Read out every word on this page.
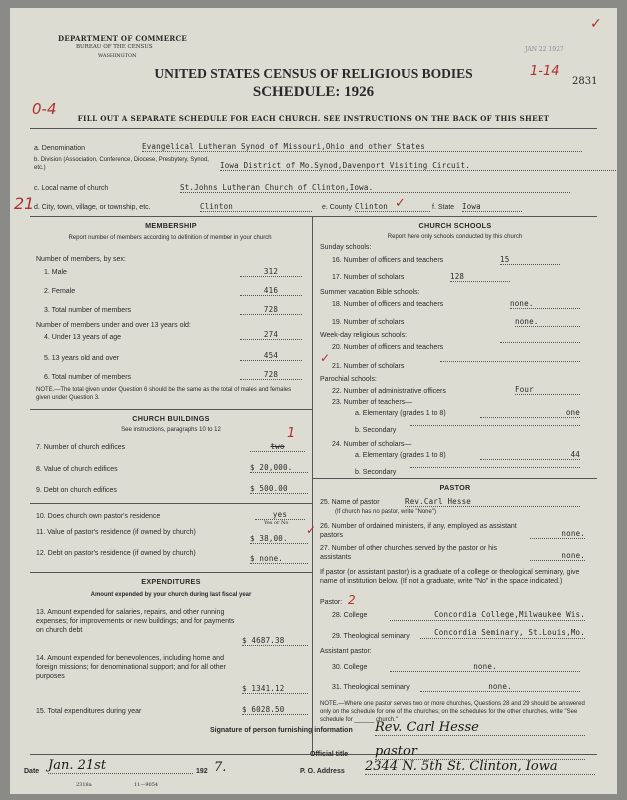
DEPARTMENT OF COMMERCE
BUREAU OF THE CENSUS
WASHINGTON
JAN 22 1927
1-14
2831
✓
UNITED STATES CENSUS OF RELIGIOUS BODIES
SCHEDULE: 1926
0-4
FILL OUT A SEPARATE SCHEDULE FOR EACH CHURCH. SEE INSTRUCTIONS ON THE BACK OF THIS SHEET
a. Denomination	Evangelical Lutheran Synod of Missouri,Ohio and other States
b. Division (Association, Conference, Diocese, Presbytery, Synod, etc.)	Iowa District of Mo.Synod,Davenport Visiting Circuit.
c. Local name of church	St.Johns Lutheran Church of Clinton,Iowa.
21 d. City, town, village, or township, etc.	Clinton	e. County Clinton ✓	f. State Iowa
MEMBERSHIP
Report number of members according to definition of member in your church
Number of members, by sex:
1. Male	312
2. Female	416
3. Total number of members	728
Number of members under and over 13 years old:
4. Under 13 years of age	274
5. 13 years old and over	454
6. Total number of members	728
NOTE.—The total given under Question 6 should be the same as the total of males and females given under Question 3.
CHURCH BUILDINGS
See instructions, paragraphs 10 to 12	1
7. Number of church edifices	two
8. Value of church edifices	$ 20,000.
9. Debt on church edifices	$ 500.00
10. Does church own pastor's residence	yes
Yes or No
11. Value of pastor's residence (if owned by church)
$ 38,00.
12. Debt on pastor's residence (if owned by church)
$ none.
EXPENDITURES
Amount expended by your church during last fiscal year
13. Amount expended for salaries, repairs, and other running expenses; for improvements or new buildings; and for payments on church debt
$ 4687.38
14. Amount expended for benevolences, including home and foreign missions; for denominational support; and for all other purposes
$ 1341.12
15. Total expenditures during year	$ 6028.50
CHURCH SCHOOLS
Report here only schools conducted by this church
Sunday schools:
16. Number of officers and teachers	15
17. Number of scholars	128
Summer vacation Bible schools:
18. Number of officers and teachers	none.
19. Number of scholars	none.
Week-day religious schools:
20. Number of officers and teachers
✓
21. Number of scholars
Parochial schools:
22. Number of administrative officers	Four
23. Number of teachers—
a. Elementary (grades 1 to 8)	one
b. Secondary
24. Number of scholars—
a. Elementary (grades 1 to 8)	44
b. Secondary
PASTOR
25. Name of pastor	Rev.Carl Hesse
(If church has no pastor, write "None")
26. Number of ordained ministers, if any, employed as assistant pastors	none.
✓
27. Number of other churches served by the pastor or his assistants	none.
If pastor (or assistant pastor) is a graduate of a college or theological seminary, give name of institution below. (If not a graduate, write "No" in the space indicated.)
Pastor: 2
28. College	Concordia College,Milwaukee Wis.
29. Theological seminary	Concordia Seminary, St.Louis,Mo.
Assistant pastor:
30. College	none.
31. Theological seminary	none.
NOTE.—Where one pastor serves two or more churches, Questions 28 and 29 should be answered only on the schedule for one of the churches; on the schedules for the other churches, write "See schedule for ______ church."
Signature of person furnishing information Rev. Carl Hesse
Official title pastor
Date Jan. 21st	192 7.	P. O. Address 2344 N. 5th St. Clinton, Iowa
2318a	11—9054
